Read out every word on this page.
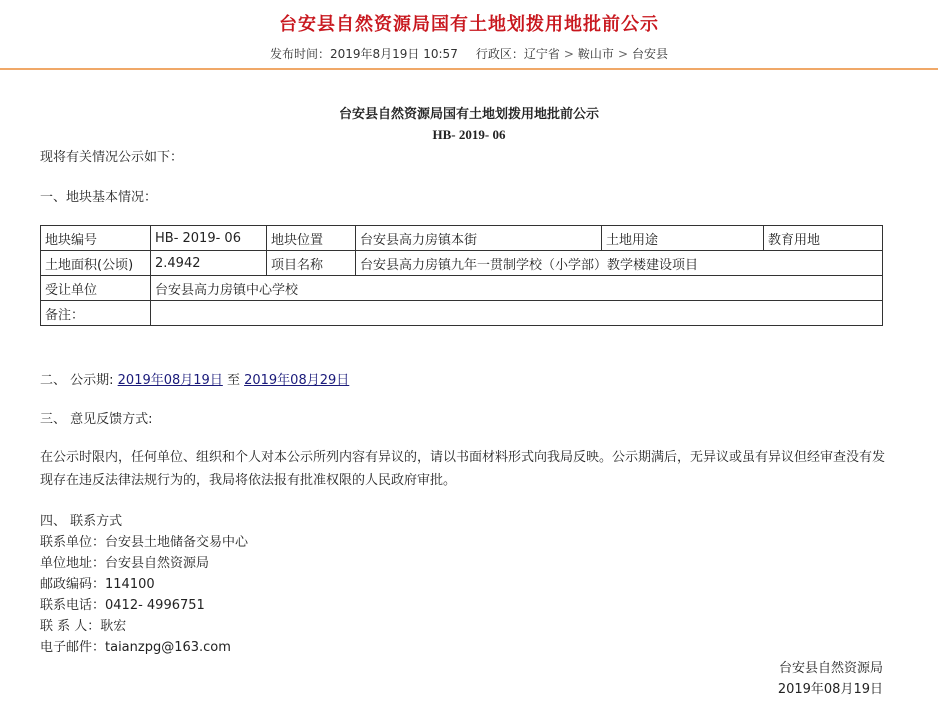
台安县自然资源局国有土地划拨用地批前公示
发布时间：2019年8月19日 10:57 行政区：辽宁省 > 鞍山市 > 台安县
台安县自然资源局国有土地划拨用地批前公示
HB- 2019- 06
现将有关情况公示如下：
一、地块基本情况：
地块编号	HB- 2019- 06	地块位置	台安县高力房镇本街	土地用途	教育用地
土地面积(公顷)	2.4942	项目名称	台安县高力房镇九年一贯制学校（小学部）教学楼建设项目		
受让单位	台安县高力房镇中心学校				
备注：					
二、 公示期: 2019年08月19日 至 2019年08月29日
三、 意见反馈方式:
在公示时限内，任何单位、组织和个人对本公示所列内容有异议的，请以书面材料形式向我局反映。公示期满后，无异议或虽有异议但经审查没有发现存在违反法律法规行为的，我局将依法报有批准权限的人民政府审批。
四、 联系方式
联系单位：台安县土地储备交易中心
单位地址：台安县自然资源局
邮政编码：114100
联系电话：0412- 4996751
联 系 人：耿宏
电子邮件：taianzpg@163.com
台安县自然资源局
2019年08月19日
